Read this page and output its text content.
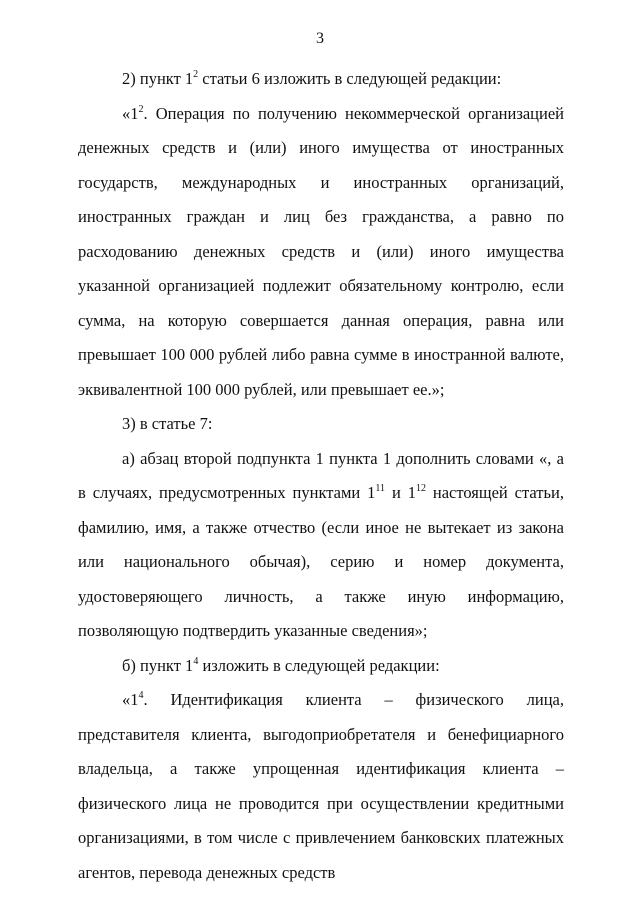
3

2) пункт $1^2$ статьи 6 изложить в следующей редакции:

«$1^2$. Операция по получению некоммерческой организацией денежных средств и (или) иного имущества от иностранных государств, международных и иностранных организаций, иностранных граждан и лиц без гражданства, а равно по расходованию денежных средств и (или) иного имущества указанной организацией подлежит обязательному контролю, если сумма, на которую совершается данная операция, равна или превышает 100 000 рублей либо равна сумме в иностранной валюте, эквивалентной 100 000 рублей, или превышает ее.»;

3) в статье 7:

а) абзац второй подпункта 1 пункта 1 дополнить словами «, а в случаях, предусмотренных пунктами $1^{11}$ и $1^{12}$ настоящей статьи, фамилию, имя, а также отчество (если иное не вытекает из закона или национального обычая), серию и номер документа, удостоверяющего личность, а также иную информацию, позволяющую подтвердить указанные сведения»;

б) пункт $1^4$ изложить в следующей редакции:

«$1^4$. Идентификация клиента – физического лица, представителя клиента, выгодоприобретателя и бенефициарного владельца, а также упрощенная идентификация клиента – физического лица не проводится при осуществлении кредитными организациями, в том числе с привлечением банковских платежных агентов, перевода денежных средств
